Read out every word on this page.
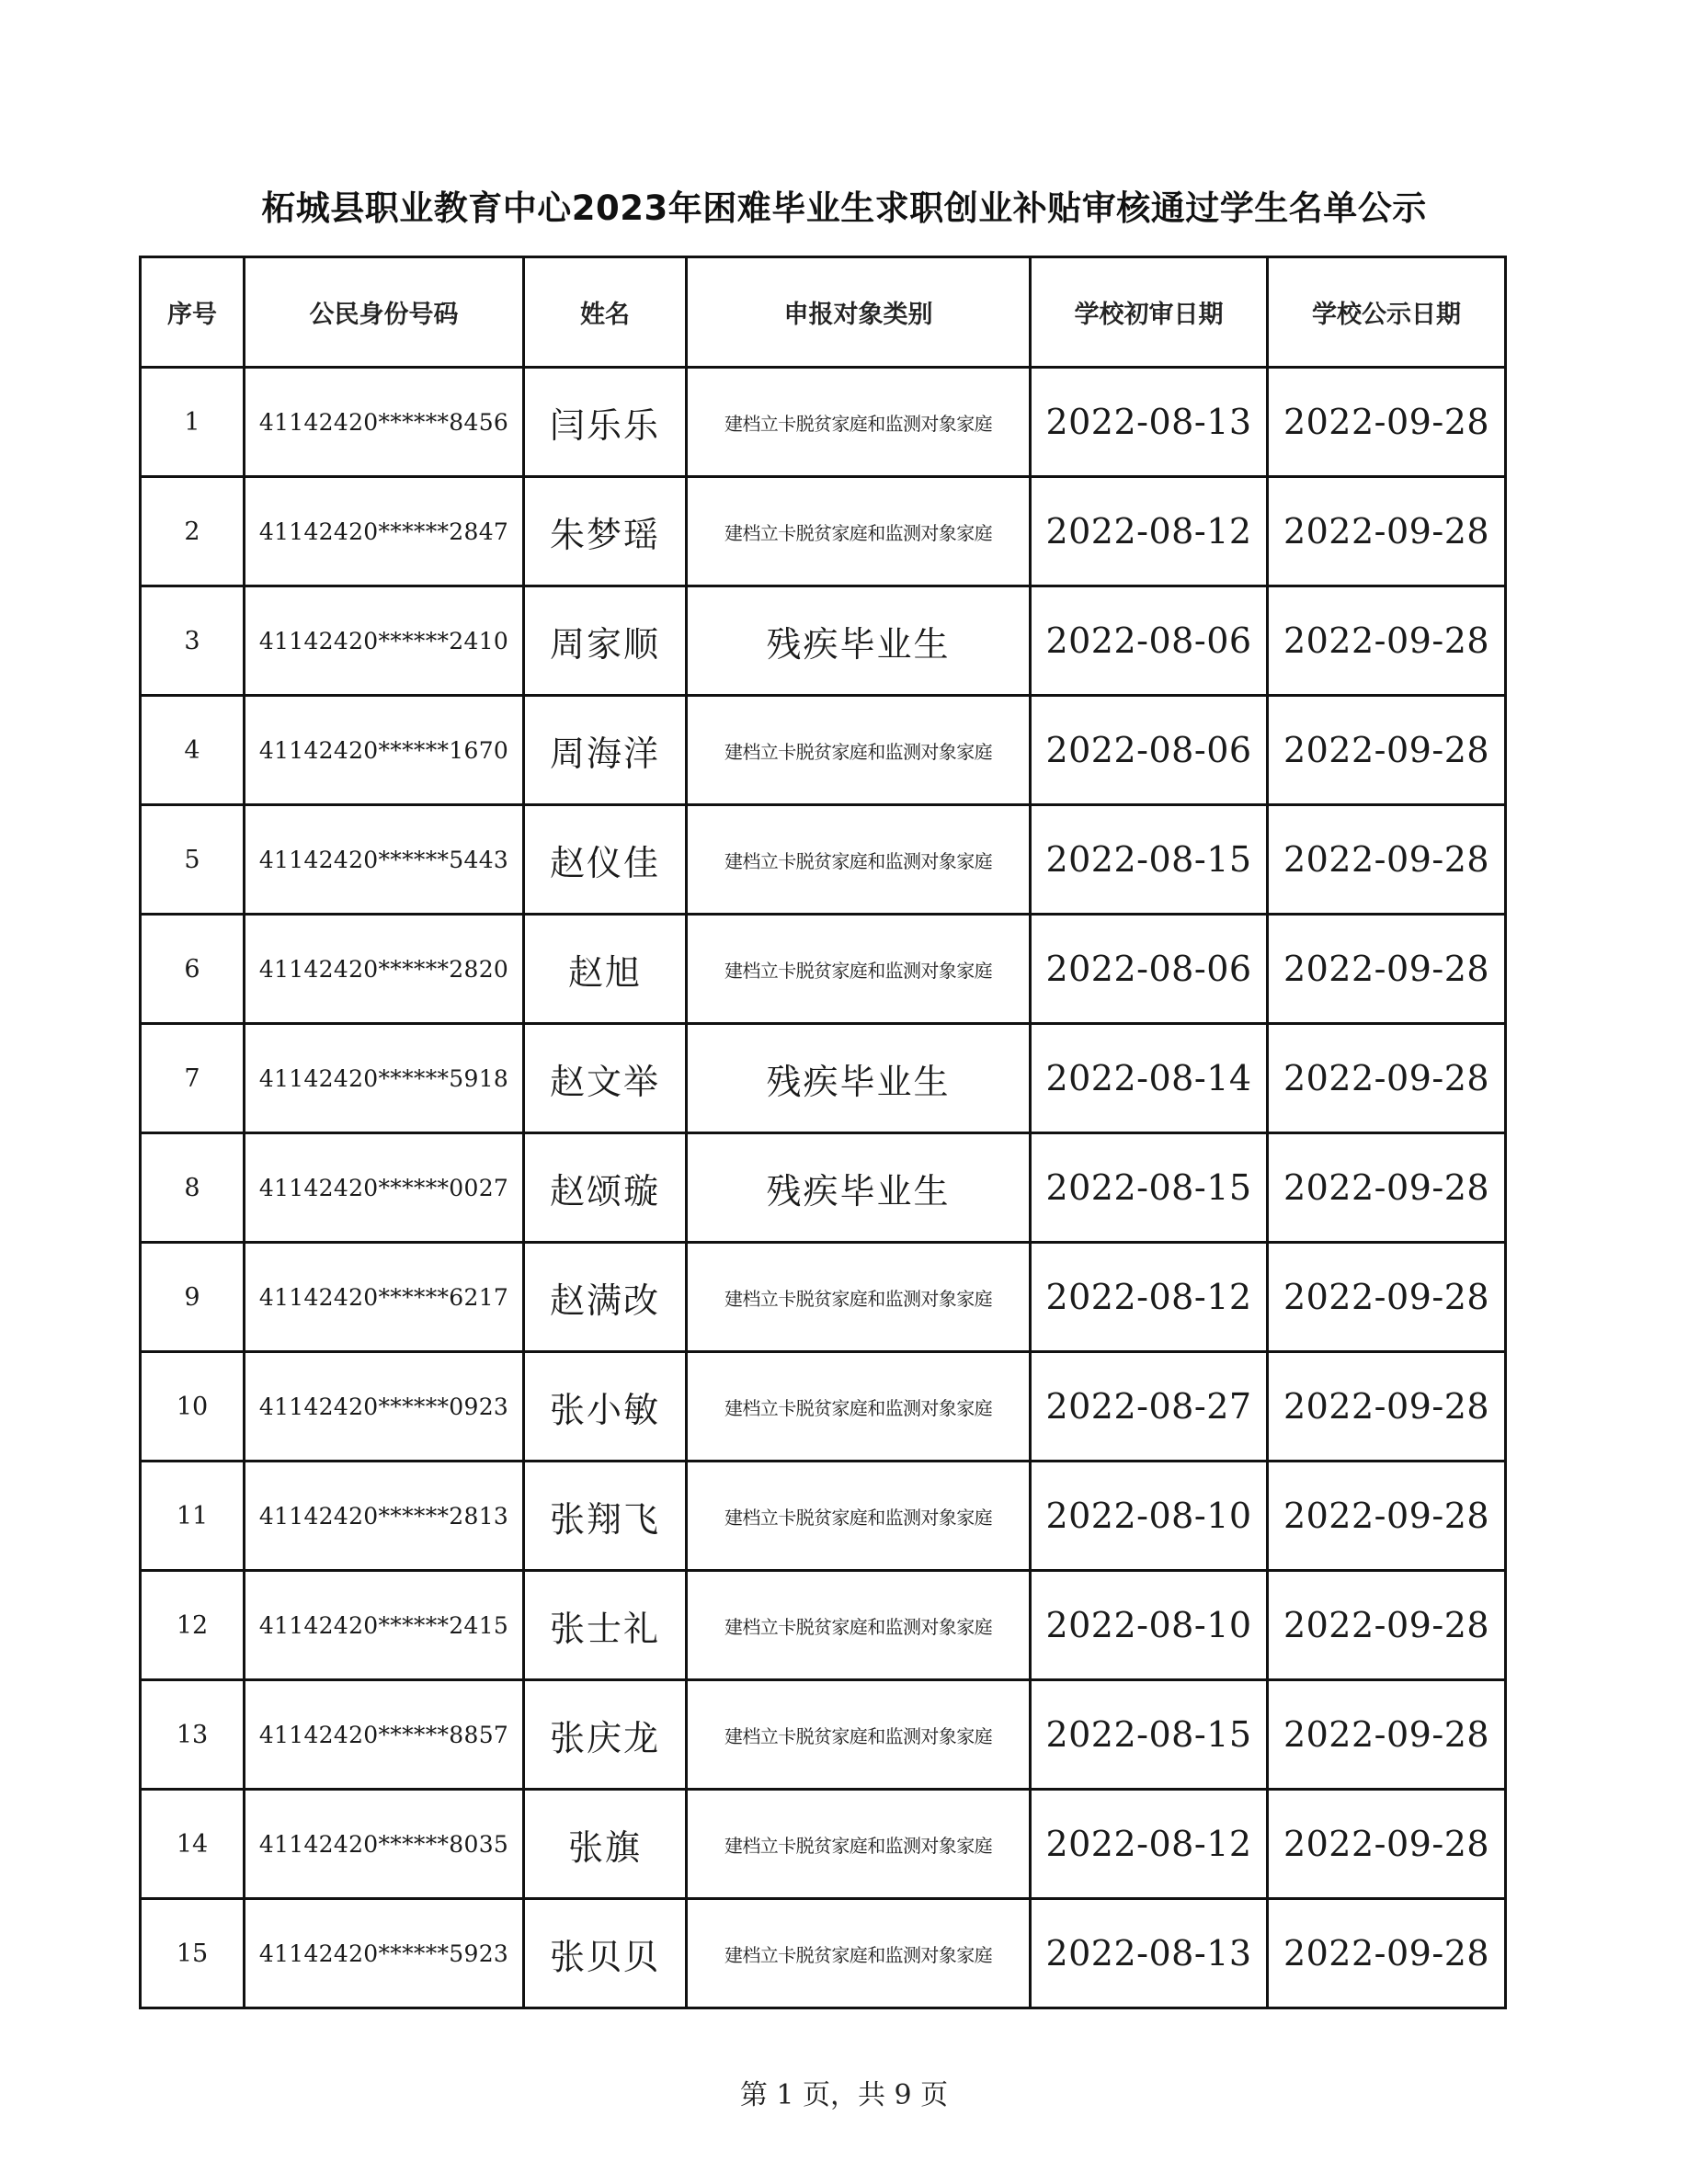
柘城县职业教育中心2023年困难毕业生求职创业补贴审核通过学生名单公示
序号	公民身份号码	姓名	申报对象类别	学校初审日期	学校公示日期
1	41142420******8456	闫乐乐	建档立卡脱贫家庭和监测对象家庭	2022-08-13	2022-09-28
2	41142420******2847	朱梦瑶	建档立卡脱贫家庭和监测对象家庭	2022-08-12	2022-09-28
3	41142420******2410	周家顺	残疾毕业生	2022-08-06	2022-09-28
4	41142420******1670	周海洋	建档立卡脱贫家庭和监测对象家庭	2022-08-06	2022-09-28
5	41142420******5443	赵仪佳	建档立卡脱贫家庭和监测对象家庭	2022-08-15	2022-09-28
6	41142420******2820	赵旭	建档立卡脱贫家庭和监测对象家庭	2022-08-06	2022-09-28
7	41142420******5918	赵文举	残疾毕业生	2022-08-14	2022-09-28
8	41142420******0027	赵颂璇	残疾毕业生	2022-08-15	2022-09-28
9	41142420******6217	赵满改	建档立卡脱贫家庭和监测对象家庭	2022-08-12	2022-09-28
10	41142420******0923	张小敏	建档立卡脱贫家庭和监测对象家庭	2022-08-27	2022-09-28
11	41142420******2813	张翔飞	建档立卡脱贫家庭和监测对象家庭	2022-08-10	2022-09-28
12	41142420******2415	张士礼	建档立卡脱贫家庭和监测对象家庭	2022-08-10	2022-09-28
13	41142420******8857	张庆龙	建档立卡脱贫家庭和监测对象家庭	2022-08-15	2022-09-28
14	41142420******8035	张旗	建档立卡脱贫家庭和监测对象家庭	2022-08-12	2022-09-28
15	41142420******5923	张贝贝	建档立卡脱贫家庭和监测对象家庭	2022-08-13	2022-09-28
第 1 页，共 9 页
